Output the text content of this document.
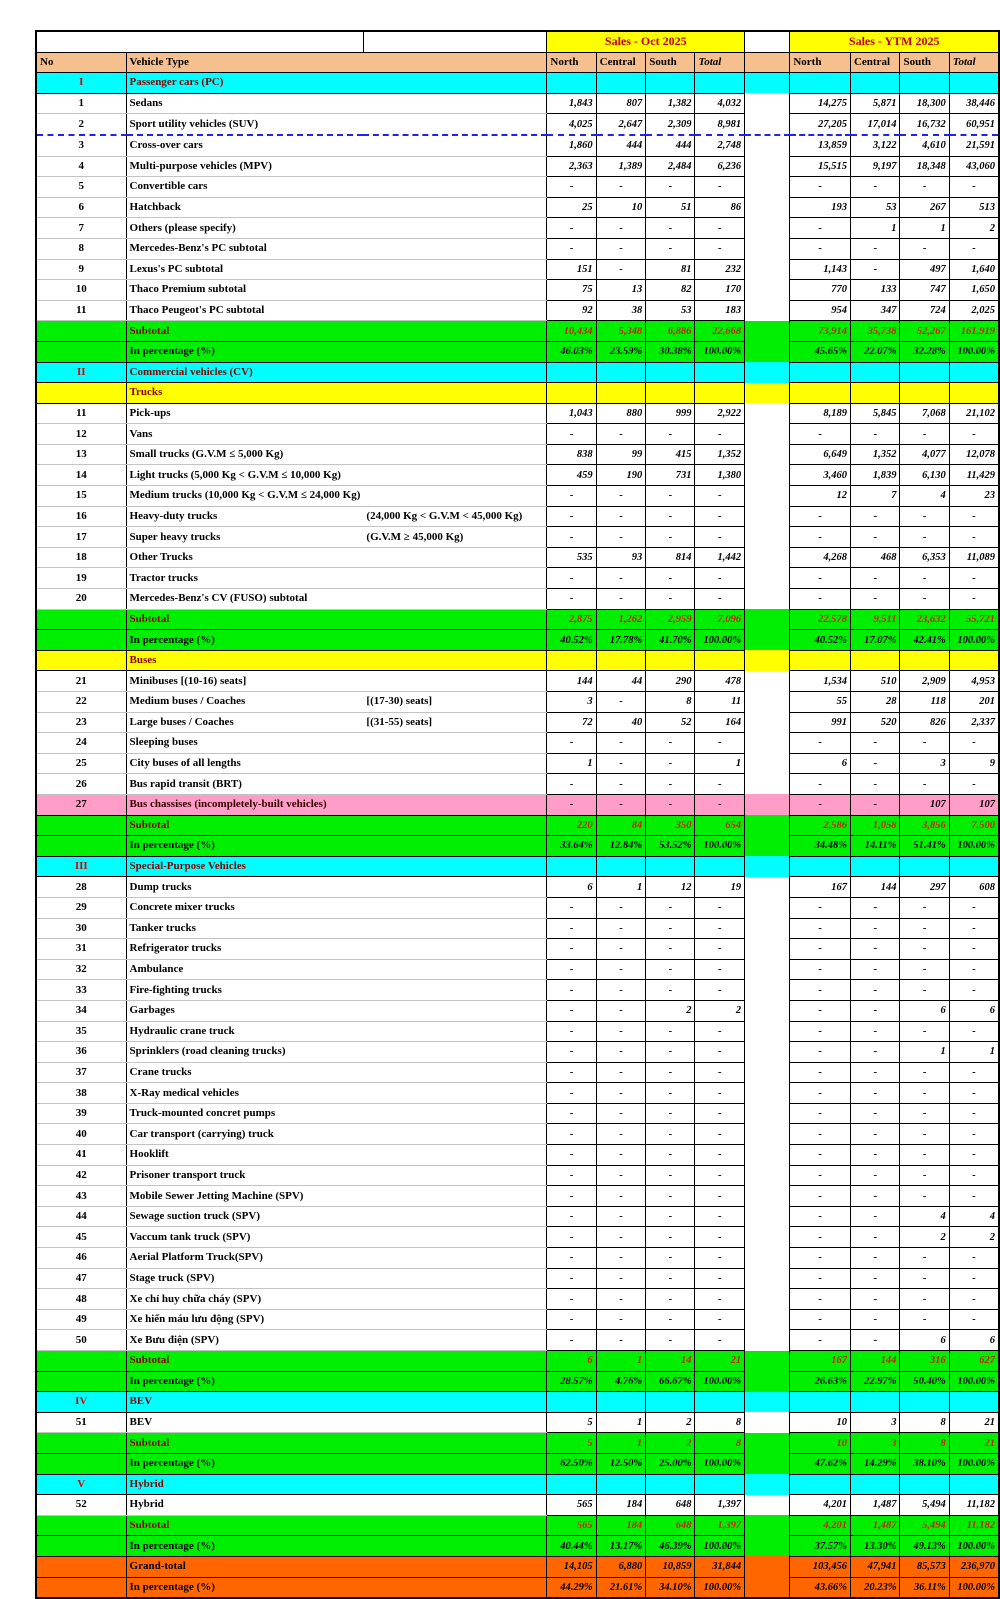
			Sales - Oct 2025					Sales - YTM 2025			
No	Vehicle Type		North	Central	South	Total		North	Central	South	Total
I	Passenger cars (PC)										
1	Sedans		1,843	807	1,382	4,032		14,275	5,871	18,300	38,446
2	Sport utility vehicles (SUV)		4,025	2,647	2,309	8,981		27,205	17,014	16,732	60,951
3	Cross-over cars		1,860	444	444	2,748		13,859	3,122	4,610	21,591
4	Multi-purpose vehicles (MPV)		2,363	1,389	2,484	6,236		15,515	9,197	18,348	43,060
5	Convertible cars		-	-	-	-		-	-	-	-
6	Hatchback		25	10	51	86		193	53	267	513
7	Others (please specify)		-	-	-	-		-	1	1	2
8	Mercedes-Benz's PC subtotal		-	-	-	-		-	-	-	-
9	Lexus's PC subtotal		151	-	81	232		1,143	-	497	1,640
10	Thaco Premium subtotal		75	13	82	170		770	133	747	1,650
11	Thaco Peugeot's PC subtotal		92	38	53	183		954	347	724	2,025
	Subtotal		10,434	5,348	6,886	22,668		73,914	35,738	52,267	161,919
	In percentage (%)		46.03%	23.59%	30.38%	100.00%		45.65%	22.07%	32.28%	100.00%
II	Commercial vehicles (CV)										
	Trucks										
11	Pick-ups		1,043	880	999	2,922		8,189	5,845	7,068	21,102
12	Vans		-	-	-	-		-	-	-	-
13	Small trucks (G.V.M ≤ 5,000 Kg)		838	99	415	1,352		6,649	1,352	4,077	12,078
14	Light trucks (5,000 Kg < G.V.M ≤ 10,000 Kg)		459	190	731	1,380		3,460	1,839	6,130	11,429
15	Medium trucks (10,000 Kg < G.V.M ≤ 24,000 Kg)		-	-	-	-		12	7	4	23
16	Heavy-duty trucks	(24,000 Kg < G.V.M < 45,000 Kg)	-	-	-	-		-	-	-	-
17	Super heavy trucks	(G.V.M ≥ 45,000 Kg)	-	-	-	-		-	-	-	-
18	Other Trucks		535	93	814	1,442		4,268	468	6,353	11,089
19	Tractor trucks		-	-	-	-		-	-	-	-
20	Mercedes-Benz's CV (FUSO) subtotal		-	-	-	-		-	-	-	-
	Subtotal		2,875	1,262	2,959	7,096		22,578	9,511	23,632	55,721
	In percentage (%)		40.52%	17.78%	41.70%	100.00%		40.52%	17.07%	42.41%	100.00%
	Buses										
21	Minibuses [(10-16) seats]		144	44	290	478		1,534	510	2,909	4,953
22	Medium buses / Coaches	[(17-30) seats]	3	-	8	11		55	28	118	201
23	Large buses / Coaches	[(31-55) seats]	72	40	52	164		991	520	826	2,337
24	Sleeping buses		-	-	-	-		-	-	-	-
25	City buses of all lengths		1	-	-	1		6	-	3	9
26	Bus rapid transit (BRT)		-	-	-	-		-	-	-	-
27	Bus chassises (incompletely-built vehicles)		-	-	-	-		-	-	107	107
	Subtotal		220	84	350	654		2,586	1,058	3,856	7,500
	In percentage (%)		33.64%	12.84%	53.52%	100.00%		34.48%	14.11%	51.41%	100.00%
III	Special-Purpose Vehicles										
28	Dump trucks		6	1	12	19		167	144	297	608
29	Concrete mixer trucks		-	-	-	-		-	-	-	-
30	Tanker trucks		-	-	-	-		-	-	-	-
31	Refrigerator trucks		-	-	-	-		-	-	-	-
32	Ambulance		-	-	-	-		-	-	-	-
33	Fire-fighting trucks		-	-	-	-		-	-	-	-
34	Garbages		-	-	2	2		-	-	6	6
35	Hydraulic crane truck		-	-	-	-		-	-	-	-
36	Sprinklers (road cleaning trucks)		-	-	-	-		-	-	1	1
37	Crane trucks		-	-	-	-		-	-	-	-
38	X-Ray medical vehicles		-	-	-	-		-	-	-	-
39	Truck-mounted concret pumps		-	-	-	-		-	-	-	-
40	Car transport (carrying) truck		-	-	-	-		-	-	-	-
41	Hooklift		-	-	-	-		-	-	-	-
42	Prisoner transport truck		-	-	-	-		-	-	-	-
43	Mobile Sewer Jetting Machine (SPV)		-	-	-	-		-	-	-	-
44	Sewage suction truck (SPV)		-	-	-	-		-	-	4	4
45	Vaccum tank truck (SPV)		-	-	-	-		-	-	2	2
46	Aerial Platform Truck(SPV)		-	-	-	-		-	-	-	-
47	Stage truck (SPV)		-	-	-	-		-	-	-	-
48	Xe chỉ huy chữa cháy (SPV)		-	-	-	-		-	-	-	-
49	Xe hiến máu lưu động (SPV)		-	-	-	-		-	-	-	-
50	Xe Bưu điện (SPV)		-	-	-	-		-	-	6	6
	Subtotal		6	1	14	21		167	144	316	627
	In percentage (%)		28.57%	4.76%	66.67%	100.00%		26.63%	22.97%	50.40%	100.00%
IV	BEV										
51	BEV		5	1	2	8		10	3	8	21
	Subtotal		5	1	2	8		10	3	8	21
	In percentage (%)		62.50%	12.50%	25.00%	100.00%		47.62%	14.29%	38.10%	100.00%
V	Hybrid										
52	Hybrid		565	184	648	1,397		4,201	1,487	5,494	11,182
	Subtotal		565	184	648	1,397		4,201	1,487	5,494	11,182
	In percentage (%)		40.44%	13.17%	46.39%	100.00%		37.57%	13.30%	49.13%	100.00%
	Grand-total		14,105	6,880	10,859	31,844		103,456	47,941	85,573	236,970
	In percentage (%)		44.29%	21.61%	34.10%	100.00%		43.66%	20.23%	36.11%	100.00%
